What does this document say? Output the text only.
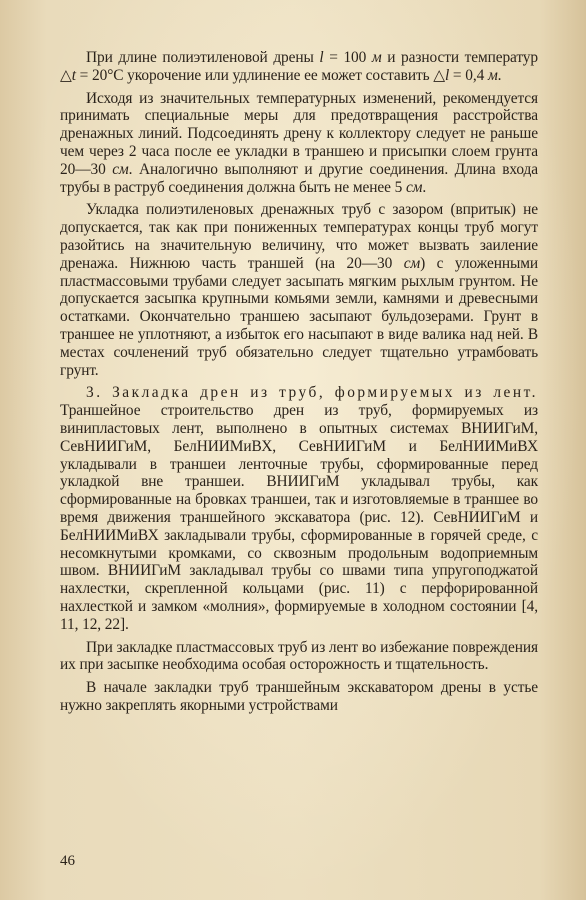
При длине полиэтиленовой дрены l = 100 м и разности температур △t = 20°С укорочение или удлинение ее может составить △l = 0,4 м.

Исходя из значительных температурных изменений, рекомендуется принимать специальные меры для предотвращения расстройства дренажных линий. Подсоединять дрену к коллектору следует не раньше чем через 2 часа после ее укладки в траншею и присыпки слоем грунта 20—30 см. Аналогично выполняют и другие соединения. Длина входа трубы в раструб соединения должна быть не менее 5 см.

Укладка полиэтиленовых дренажных труб с зазором (впритык) не допускается, так как при пониженных температурах концы труб могут разойтись на значительную величину, что может вызвать заиление дренажа. Нижнюю часть траншей (на 20—30 см) с уложенными пластмассовыми трубами следует засыпать мягким рыхлым грунтом. Не допускается засыпка крупными комьями земли, камнями и древесными остатками. Окончательно траншею засыпают бульдозерами. Грунт в траншее не уплотняют, а избыток его насыпают в виде валика над ней. В местах сочленений труб обязательно следует тщательно утрамбовать грунт.

3. Закладка дрен из труб, формируемых из лент. Траншейное строительство дрен из труб, формируемых из винипластовых лент, выполнено в опытных системах ВНИИГиМ, СевНИИГиМ, БелНИИМиВХ, СевНИИГиМ и БелНИИМиВХ укладывали в траншеи ленточные трубы, сформированные перед укладкой вне траншеи. ВНИИГиМ укладывал трубы, как сформированные на бровках траншеи, так и изготовляемые в траншее во время движения траншейного экскаватора (рис. 12). СевНИИГиМ и БелНИИМиВХ закладывали трубы, сформированные в горячей среде, с несомкнутыми кромками, со сквозным продольным водоприемным швом. ВНИИГиМ закладывал трубы со швами типа упругоподжатой нахлестки, скрепленной кольцами (рис. 11) с перфорированной нахлесткой и замком «молния», формируемые в холодном состоянии [4, 11, 12, 22].

При закладке пластмассовых труб из лент во избежание повреждения их при засыпке необходима особая осторожность и тщательность.

В начале закладки труб траншейным экскаватором дрены в устье нужно закреплять якорными устройствами

46
